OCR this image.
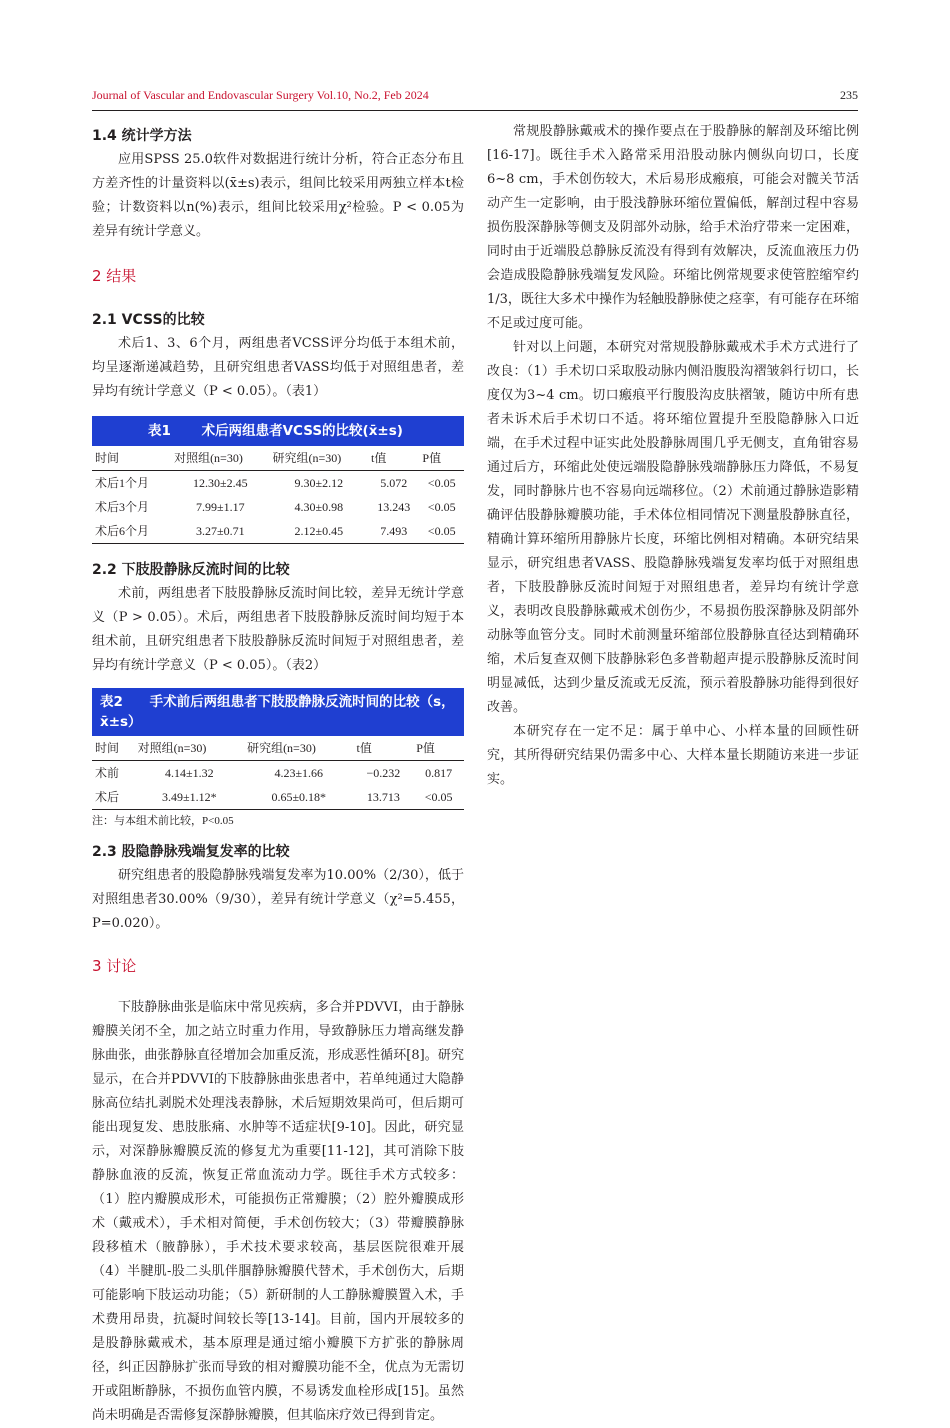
Journal of Vascular and Endovascular Surgery Vol.10, No.2, Feb 2024	235
1.4 统计学方法

应用SPSS 25.0软件对数据进行统计分析，符合正态分布且方差齐性的计量资料以(x̄±s)表示，组间比较采用两独立样本t检验；计数资料以n(%)表示，组间比较采用χ²检验。P < 0.05为差异有统计学意义。

2 结果
2.1 VCSS的比较

术后1、3、6个月，两组患者VCSS评分均低于本组术前，均呈逐渐递减趋势，且研究组患者VASS均低于对照组患者，差异均有统计学意义（P < 0.05）。（表1）

表1 术后两组患者VCSS的比较(x̄±s)				
时间	对照组(n=30)	研究组(n=30)	t值	P值
术后1个月	12.30±2.45	9.30±2.12	5.072	<0.05
术后3个月	7.99±1.17	4.30±0.98	13.243	<0.05
术后6个月	3.27±0.71	2.12±0.45	7.493	<0.05
2.2 下肢股静脉反流时间的比较

术前，两组患者下肢股静脉反流时间比较，差异无统计学意义（P > 0.05）。术后，两组患者下肢股静脉反流时间均短于本组术前，且研究组患者下肢股静脉反流时间短于对照组患者，差异均有统计学意义（P < 0.05）。（表2）

表2 手术前后两组患者下肢股静脉反流时间的比较（s，x̄±s）				
时间	对照组(n=30)	研究组(n=30)	t值	P值
术前	4.14±1.32	4.23±1.66	−0.232	0.817
术后	3.49±1.12*	0.65±0.18*	13.713	<0.05
注：与本组术前比较，P<0.05
2.3 股隐静脉残端复发率的比较

研究组患者的股隐静脉残端复发率为10.00%（2/30），低于对照组患者30.00%（9/30），差异有统计学意义（χ²=5.455，P=0.020）。

3 讨论

下肢静脉曲张是临床中常见疾病，多合并PDVVI，由于静脉瓣膜关闭不全，加之站立时重力作用，导致静脉压力增高继发静脉曲张，曲张静脉直径增加会加重反流，形成恶性循环[8]。研究显示，在合并PDVVI的下肢静脉曲张患者中，若单纯通过大隐静脉高位结扎剥脱术处理浅表静脉，术后短期效果尚可，但后期可能出现复发、患肢胀痛、水肿等不适症状[9-10]。因此，研究显示，对深静脉瓣膜反流的修复尤为重要[11-12]，其可消除下肢静脉血液的反流，恢复正常血流动力学。既往手术方式较多：（1）腔内瓣膜成形术，可能损伤正常瓣膜；（2）腔外瓣膜成形术（戴戒术），手术相对简便，手术创伤较大；（3）带瓣膜静脉段移植术（腋静脉），手术技术要求较高，基层医院很难开展（4）半腱肌-股二头肌伴腘静脉瓣膜代替术，手术创伤大，后期可能影响下肢运动功能；（5）新研制的人工静脉瓣膜置入术，手术费用昂贵，抗凝时间较长等[13-14]。目前，国内开展较多的是股静脉戴戒术，基本原理是通过缩小瓣膜下方扩张的静脉周径，纠正因静脉扩张而导致的相对瓣膜功能不全，优点为无需切开或阻断静脉，不损伤血管内膜，不易诱发血栓形成[15]。虽然尚未明确是否需修复深静脉瓣膜，但其临床疗效已得到肯定。

常规股静脉戴戒术的操作要点在于股静脉的解剖及环缩比例[16-17]。既往手术入路常采用沿股动脉内侧纵向切口，长度6~8 cm，手术创伤较大，术后易形成瘢痕，可能会对髋关节活动产生一定影响，由于股浅静脉环缩位置偏低，解剖过程中容易损伤股深静脉等侧支及阴部外动脉，给手术治疗带来一定困难，同时由于近端股总静脉反流没有得到有效解决，反流血液压力仍会造成股隐静脉残端复发风险。环缩比例常规要求使管腔缩窄约1/3，既往大多术中操作为轻触股静脉使之痉挛，有可能存在环缩不足或过度可能。

针对以上问题，本研究对常规股静脉戴戒术手术方式进行了改良：（1）手术切口采取股动脉内侧沿腹股沟褶皱斜行切口，长度仅为3~4 cm。切口瘢痕平行腹股沟皮肤褶皱，随访中所有患者未诉术后手术切口不适。将环缩位置提升至股隐静脉入口近端，在手术过程中证实此处股静脉周围几乎无侧支，直角钳容易通过后方，环缩此处使远端股隐静脉残端静脉压力降低，不易复发，同时静脉片也不容易向远端移位。（2）术前通过静脉造影精确评估股静脉瓣膜功能，手术体位相同情况下测量股静脉直径，精确计算环缩所用静脉片长度，环缩比例相对精确。本研究结果显示，研究组患者VASS、股隐静脉残端复发率均低于对照组患者，下肢股静脉反流时间短于对照组患者，差异均有统计学意义，表明改良股静脉戴戒术创伤少，不易损伤股深静脉及阴部外动脉等血管分支。同时术前测量环缩部位股静脉直径达到精确环缩，术后复查双侧下肢静脉彩色多普勒超声提示股静脉反流时间明显减低，达到少量反流或无反流，预示着股静脉功能得到很好改善。

本研究存在一定不足：属于单中心、小样本量的回顾性研究，其所得研究结果仍需多中心、大样本量长期随访来进一步证实。
